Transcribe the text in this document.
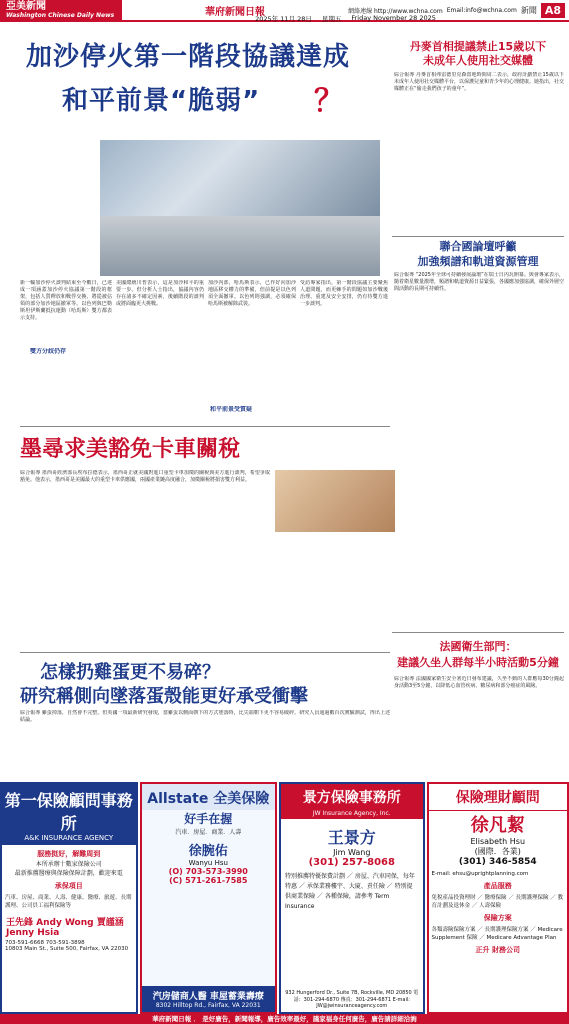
亞美新聞
Washington Chinese Daily News	華府新聞日報	網絡連線 http://www.wchna.com Email:info@wchna.com 新聞 A8
2025年 11月 28日 星期五 Friday November 28 2025
加沙停火第一階段協議達成
和平前景“脆弱”	？
新一輪加沙停火談判結束至今數日，已達成一項涵蓋加沙停火協議第一階段的框架，包括人質釋放和戰俘交換、將從被佔領的部分加沙地區撤軍等。以色列與巴勒斯坦伊斯蘭抵抗運動（哈馬斯）雙方都表示支持。
美國總統川普表示，這是加沙和平的重要一步。但分析人士指出，協議內容仍存在諸多不確定因素，後續階段的談判或將面臨更大挑戰。
加沙內部，哈馬斯表示，已作好向加沙地區移交權力的準備，但前提是以色列須全面撤軍。以色列則強調，必須確保哈馬斯被解除武裝。
受訪專家指出，第一階段協議主要聚焦人道問題，而更棘手的問題如加沙戰後治理、重建及安全安排，仍有待雙方進一步談判。
雙方分歧仍存
和平前景受質疑
丹麥首相提議禁止15歲以下
未成年人使用社交媒體
綜合報導 丹麥首相弗雷德里克森當地時間周二表示，政府計劃禁止15歲以下未成年人使用社交媒體平台，以保護兒童和青少年的心理健康。她指出，社交媒體正在“偷走我們孩子的童年”。
聯合國論壇呼籲
加強頻譜和軌道資源管理
綜合報導 “2025年全球可持續發展論壇”在瑞士日內瓦開幕。與會專家表示，隨着衛星數量激增，頻譜和軌道資源日益緊張，各國應加強協調，確保外層空間活動的長期可持續性。
法國衛生部門：
建議久坐人群每半小時活動5分鐘
綜合報導 法國國家衛生安全署近日發布建議，久坐不動的人群應每30分鐘起身活動3至5分鐘，以降低心血管疾病、糖尿病和部分癌症的風險。
墨尋求美豁免卡車關稅
綜合報導 墨西哥經濟部長埃布拉德表示，墨西哥正就美國對進口重型卡車加徵的關稅與美方進行談判，希望爭取豁免。他表示，墨西哥是美國最大的重型卡車供應國，兩國產業鏈高度融合，加徵關稅將損害雙方利益。
怎樣扔雞蛋更不易碎？
研究稱側向墜落蛋殼能更好承受衝擊
綜合報導 雞蛋掉落，自然會不完整。但英國一項最新研究發現，當雞蛋以側面朝下的方式墜落時，比尖端朝下更不容易破碎。研究人員通過數百次實驗測試，得出上述結論。
第一保險顧問事務所
A&K INSURANCE AGENCY
服務挺好，解難周到
本所承辦十數家保險公司
最新推薦醫療與保險保障計劃，歡迎來電
承保項目
汽車、房屋、商業、人壽、健康、醫療、旅遊、長期護理、公司員工福利保險等
王先鋒 Andy Wong 賈謹涵 Jenny Hsia
703-591-6668 703-591-3898
10803 Main St., Suite 500, Fairfax, VA 22030
Allstate 全美保險
好手在握
汽車．房屋．商業．人壽
徐腕佑
Wanyu Hsu
(O) 703-573-3990
(C) 571-261-7585
汽房儲商人醫 車屋蓄業壽療
8302 Hilltop Rd., Fairfax, VA 22031
景方保險事務所
JW Insurance Agency, Inc.
王景方
Jim Wang
(301) 257-8068
特別推薦特優保費計劃 ／ 房屋、汽車同保，每年特惠 ／ 承保業務樓宇、大廈、責任險 ／ 特別提供商業保險 ／ 各種保險，請參考 Term Insurance
932 Hungerford Dr., Suite 7B, Rockville, MD 20850 電話：301-294-6870 傳真：301-294-6871 E-mail: JW@jwinsuranceagency.com
保險理財顧問
徐凡絜
Elisabeth Hsu
(國際．各業)
(301) 346-5854
E-mail: ehsu@uprightplanning.com
產品服務
免稅產品投資理財 ／ 醫療保險 ／ 長期護理保險 ／ 教育計劃及退休金 ／ 人壽保險
保險方案
各類壽險保險方案 ／ 長期護理保險方案 ／ Medicare Supplement 保險 ／ Medicare Advantage Plan
正升 財務公司
華府新聞日報 ． 是好廣告，新聞報導，廣告效率最好，謹家福身任何廣告，廣告請詳細洽詢
